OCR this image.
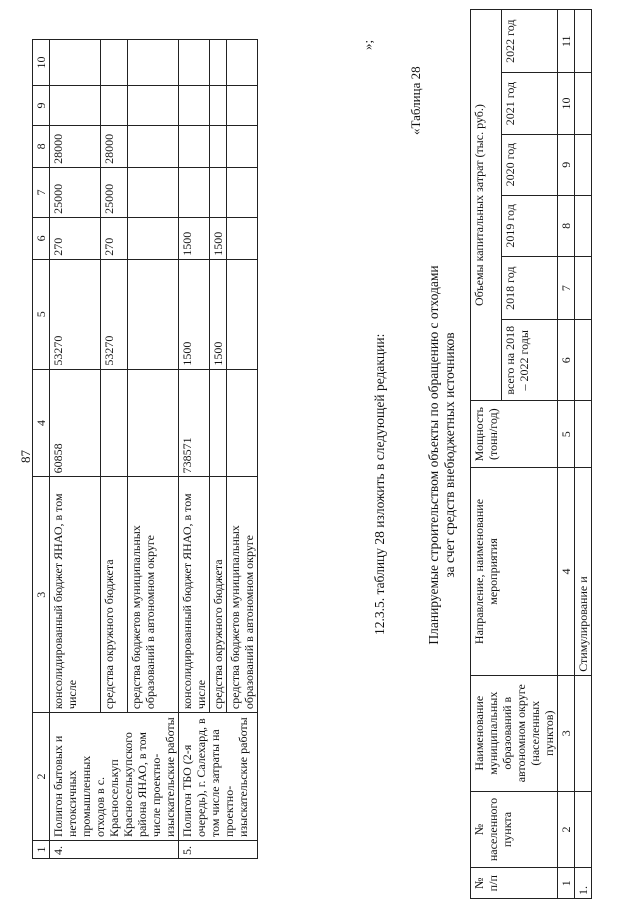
87
1	2	3	4	5	6	7	8	9	10
4.	Полигон бытовых и нетоксичных промышленных отходов в с. Красноселькуп Красноселькупского района ЯНАО, в том числе проектно-изыскательские работы	консолидированный бюджет ЯНАО, в том числе	60858	53270	270	25000	28000		
		средства окружного бюджета		53270	270	25000	28000		
		средства бюджетов муниципальных образований в автономном округе							
5.	Полигон ТБО (2-я очередь), г. Салехард, в том числе затраты на проектно-изыскательские работы	консолидированный бюджет ЯНАО, в том числе	738571	1500	1500				
		средства окружного бюджета		1500	1500				
		средства бюджетов муниципальных образований в автономном округе							
»;
12.3.5. таблицу 28 изложить в следующей редакции:
«Таблица 28
Планируемые строительством объекты по обращению с отходами за счет средств внебюджетных источников
№ п/п	№ населенного пункта	Наименование муниципальных образований в автономном округе (населенных пунктов)	Направление, наименование мероприятия	Мощность (тонн/год)	Объемы капитальных затрат (тыс. руб.)					
					всего на 2018 – 2022 годы	2018 год	2019 год	2020 год	2021 год	2022 год
1	2	3	4	5	6	7	8	9	10	11
1.			Стимулирование и							
